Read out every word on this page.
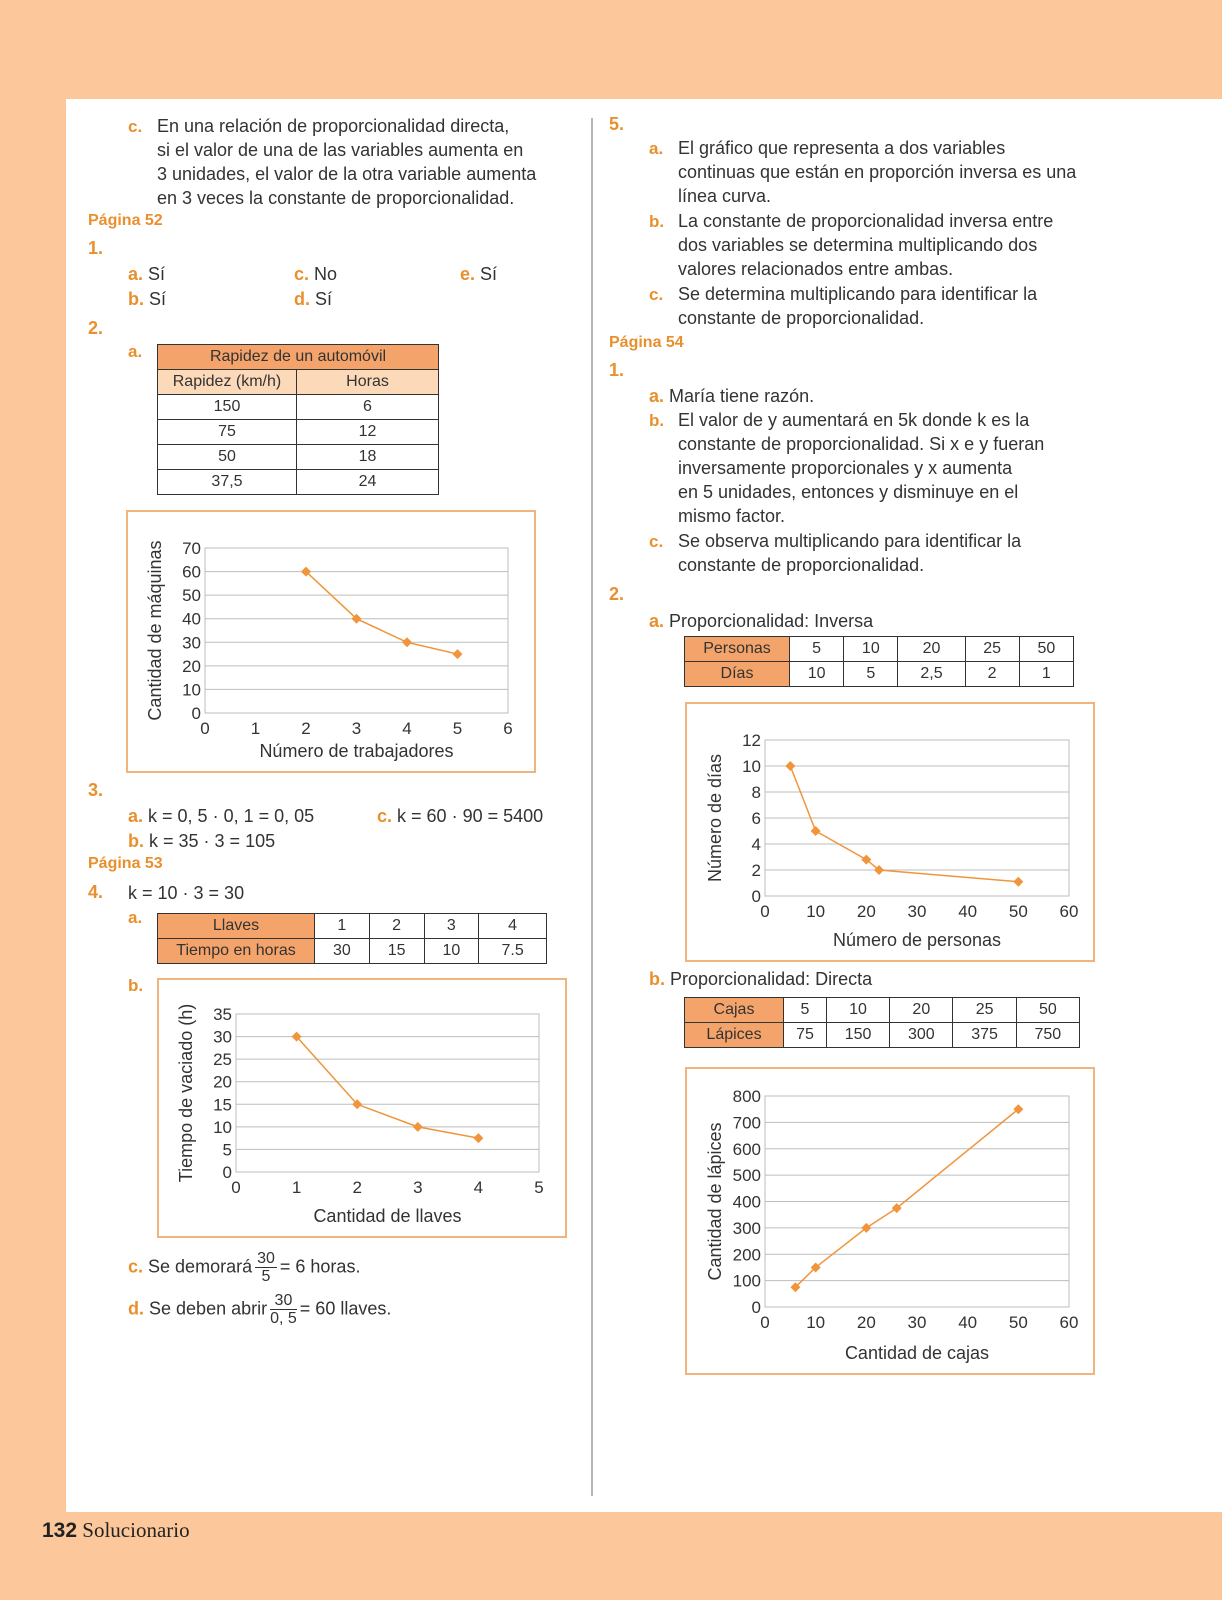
c. En una relación de proporcionalidad directa,
si el valor de una de las variables aumenta en
3 unidades, el valor de la otra variable aumenta
en 3 veces la constante de proporcionalidad.
Página 52
1.
a. Sí
b. Sí
c. No
d. Sí
e. Sí
2.
a.	Rapidez de un automóvil	
Rapidez (km/h)	Horas
150	6
75	12
50	18
37,5	24
0
10
20
30
40
50
60
70
0 1 2 3 4 5 6
Número de trabajadores
Cantidad de máquinas
3.
a. k = 0, 5 · 0, 1 = 0, 05
b. k = 35 · 3 = 105
c. k = 60 · 90 = 5400
Página 53
4. k = 10 · 3 = 30
a.	Llaves	1	2	3	4
Tiempo en horas	30	15	10	7.5
b.
0
5
10
15
20
25
30
35
0	1	2	3	4	5
Cantidad de llaves
Tiempo de vaciado (h)
c. Se demorará $\frac{30}{5} = 6$ horas.
d. Se deben abrir $\frac{30}{0, 5} = 60$ llaves.
5.
a. El gráfico que representa a dos variables
continuas que están en proporción inversa es una
línea curva.
b. La constante de proporcionalidad inversa entre
dos variables se determina multiplicando dos
valores relacionados entre ambas.
c. Se determina multiplicando para identificar la
constante de proporcionalidad.
Página 54
1.
a. María tiene razón.
b. El valor de y aumentará en 5k donde k es la
constante de proporcionalidad. Si x e y fueran
inversamente proporcionales y x aumenta
en 5 unidades, entonces y disminuye en el
mismo factor.
c. Se observa multiplicando para identificar la
constante de proporcionalidad.
2.
a. Proporcionalidad: Inversa
Personas	5	10	20	25	50
Días	10	5	2,5	2	1
0
2
4
6
8
10
12
0 10 20 30 40 50 60
Número de personas
Número de días
b. Proporcionalidad: Directa
Cajas	5	10	20	25	50
Lápices	75	150	300	375	750
0
100
200
300
400
500
600
700
800
0 10 20 30 40 50 60
Cantidad de cajas
Cantidad de lápices
132 Solucionario
